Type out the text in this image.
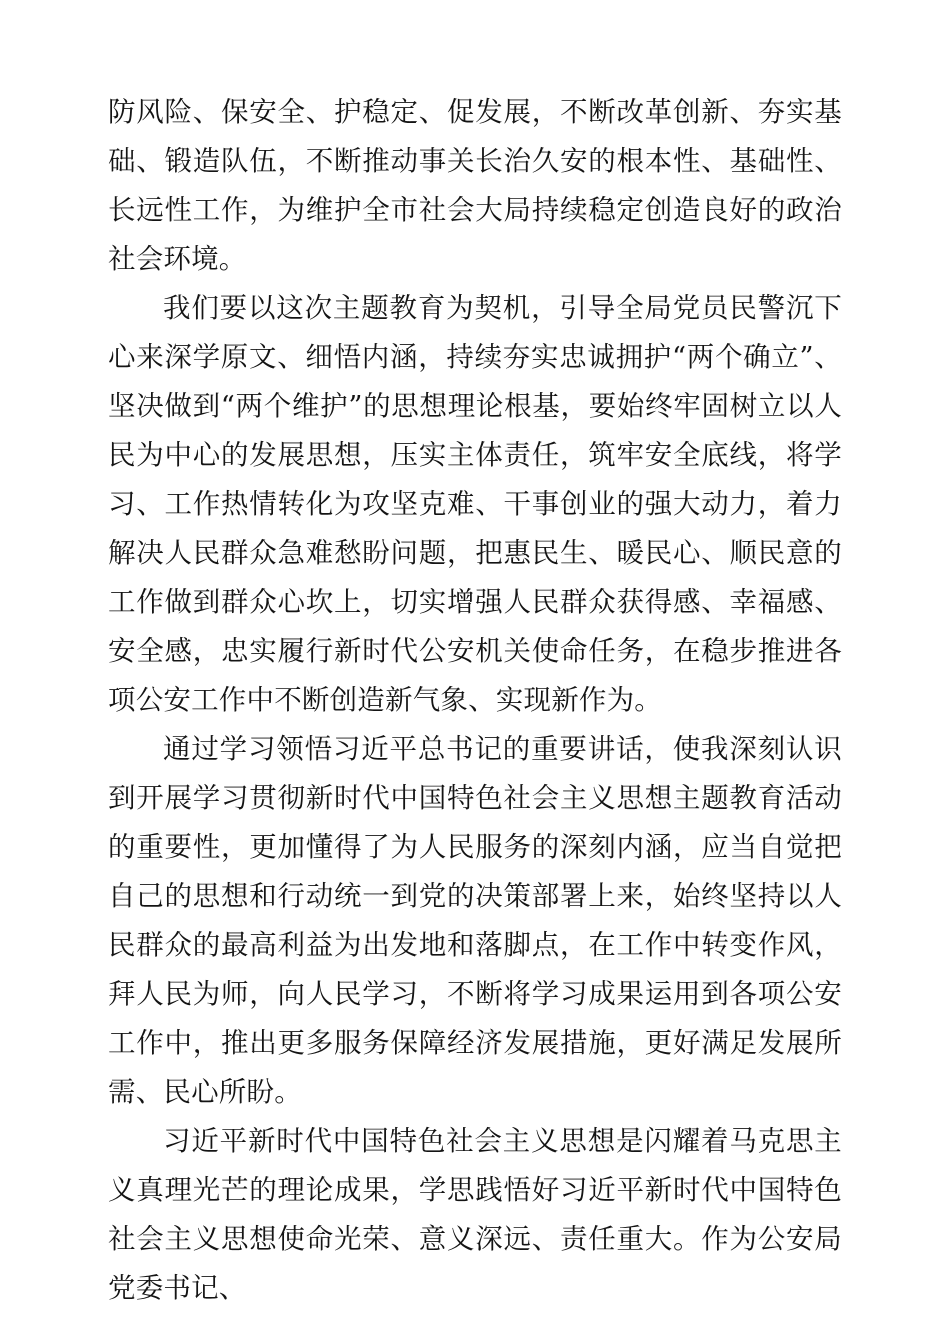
防风险、保安全、护稳定、促发展，不断改革创新、夯实基础、锻造队伍，不断推动事关长治久安的根本性、基础性、长远性工作，为维护全市社会大局持续稳定创造良好的政治社会环境。

我们要以这次主题教育为契机，引导全局党员民警沉下心来深学原文、细悟内涵，持续夯实忠诚拥护“两个确立”、坚决做到“两个维护”的思想理论根基，要始终牢固树立以人民为中心的发展思想，压实主体责任，筑牢安全底线，将学习、工作热情转化为攻坚克难、干事创业的强大动力，着力解决人民群众急难愁盼问题，把惠民生、暖民心、顺民意的工作做到群众心坎上，切实增强人民群众获得感、幸福感、安全感，忠实履行新时代公安机关使命任务，在稳步推进各项公安工作中不断创造新气象、实现新作为。

通过学习领悟习近平总书记的重要讲话，使我深刻认识到开展学习贯彻新时代中国特色社会主义思想主题教育活动的重要性，更加懂得了为人民服务的深刻内涵，应当自觉把自己的思想和行动统一到党的决策部署上来，始终坚持以人民群众的最高利益为出发地和落脚点，在工作中转变作风，拜人民为师，向人民学习，不断将学习成果运用到各项公安工作中，推出更多服务保障经济发展措施，更好满足发展所需、民心所盼。

习近平新时代中国特色社会主义思想是闪耀着马克思主义真理光芒的理论成果，学思践悟好习近平新时代中国特色社会主义思想使命光荣、意义深远、责任重大。作为公安局党委书记、
